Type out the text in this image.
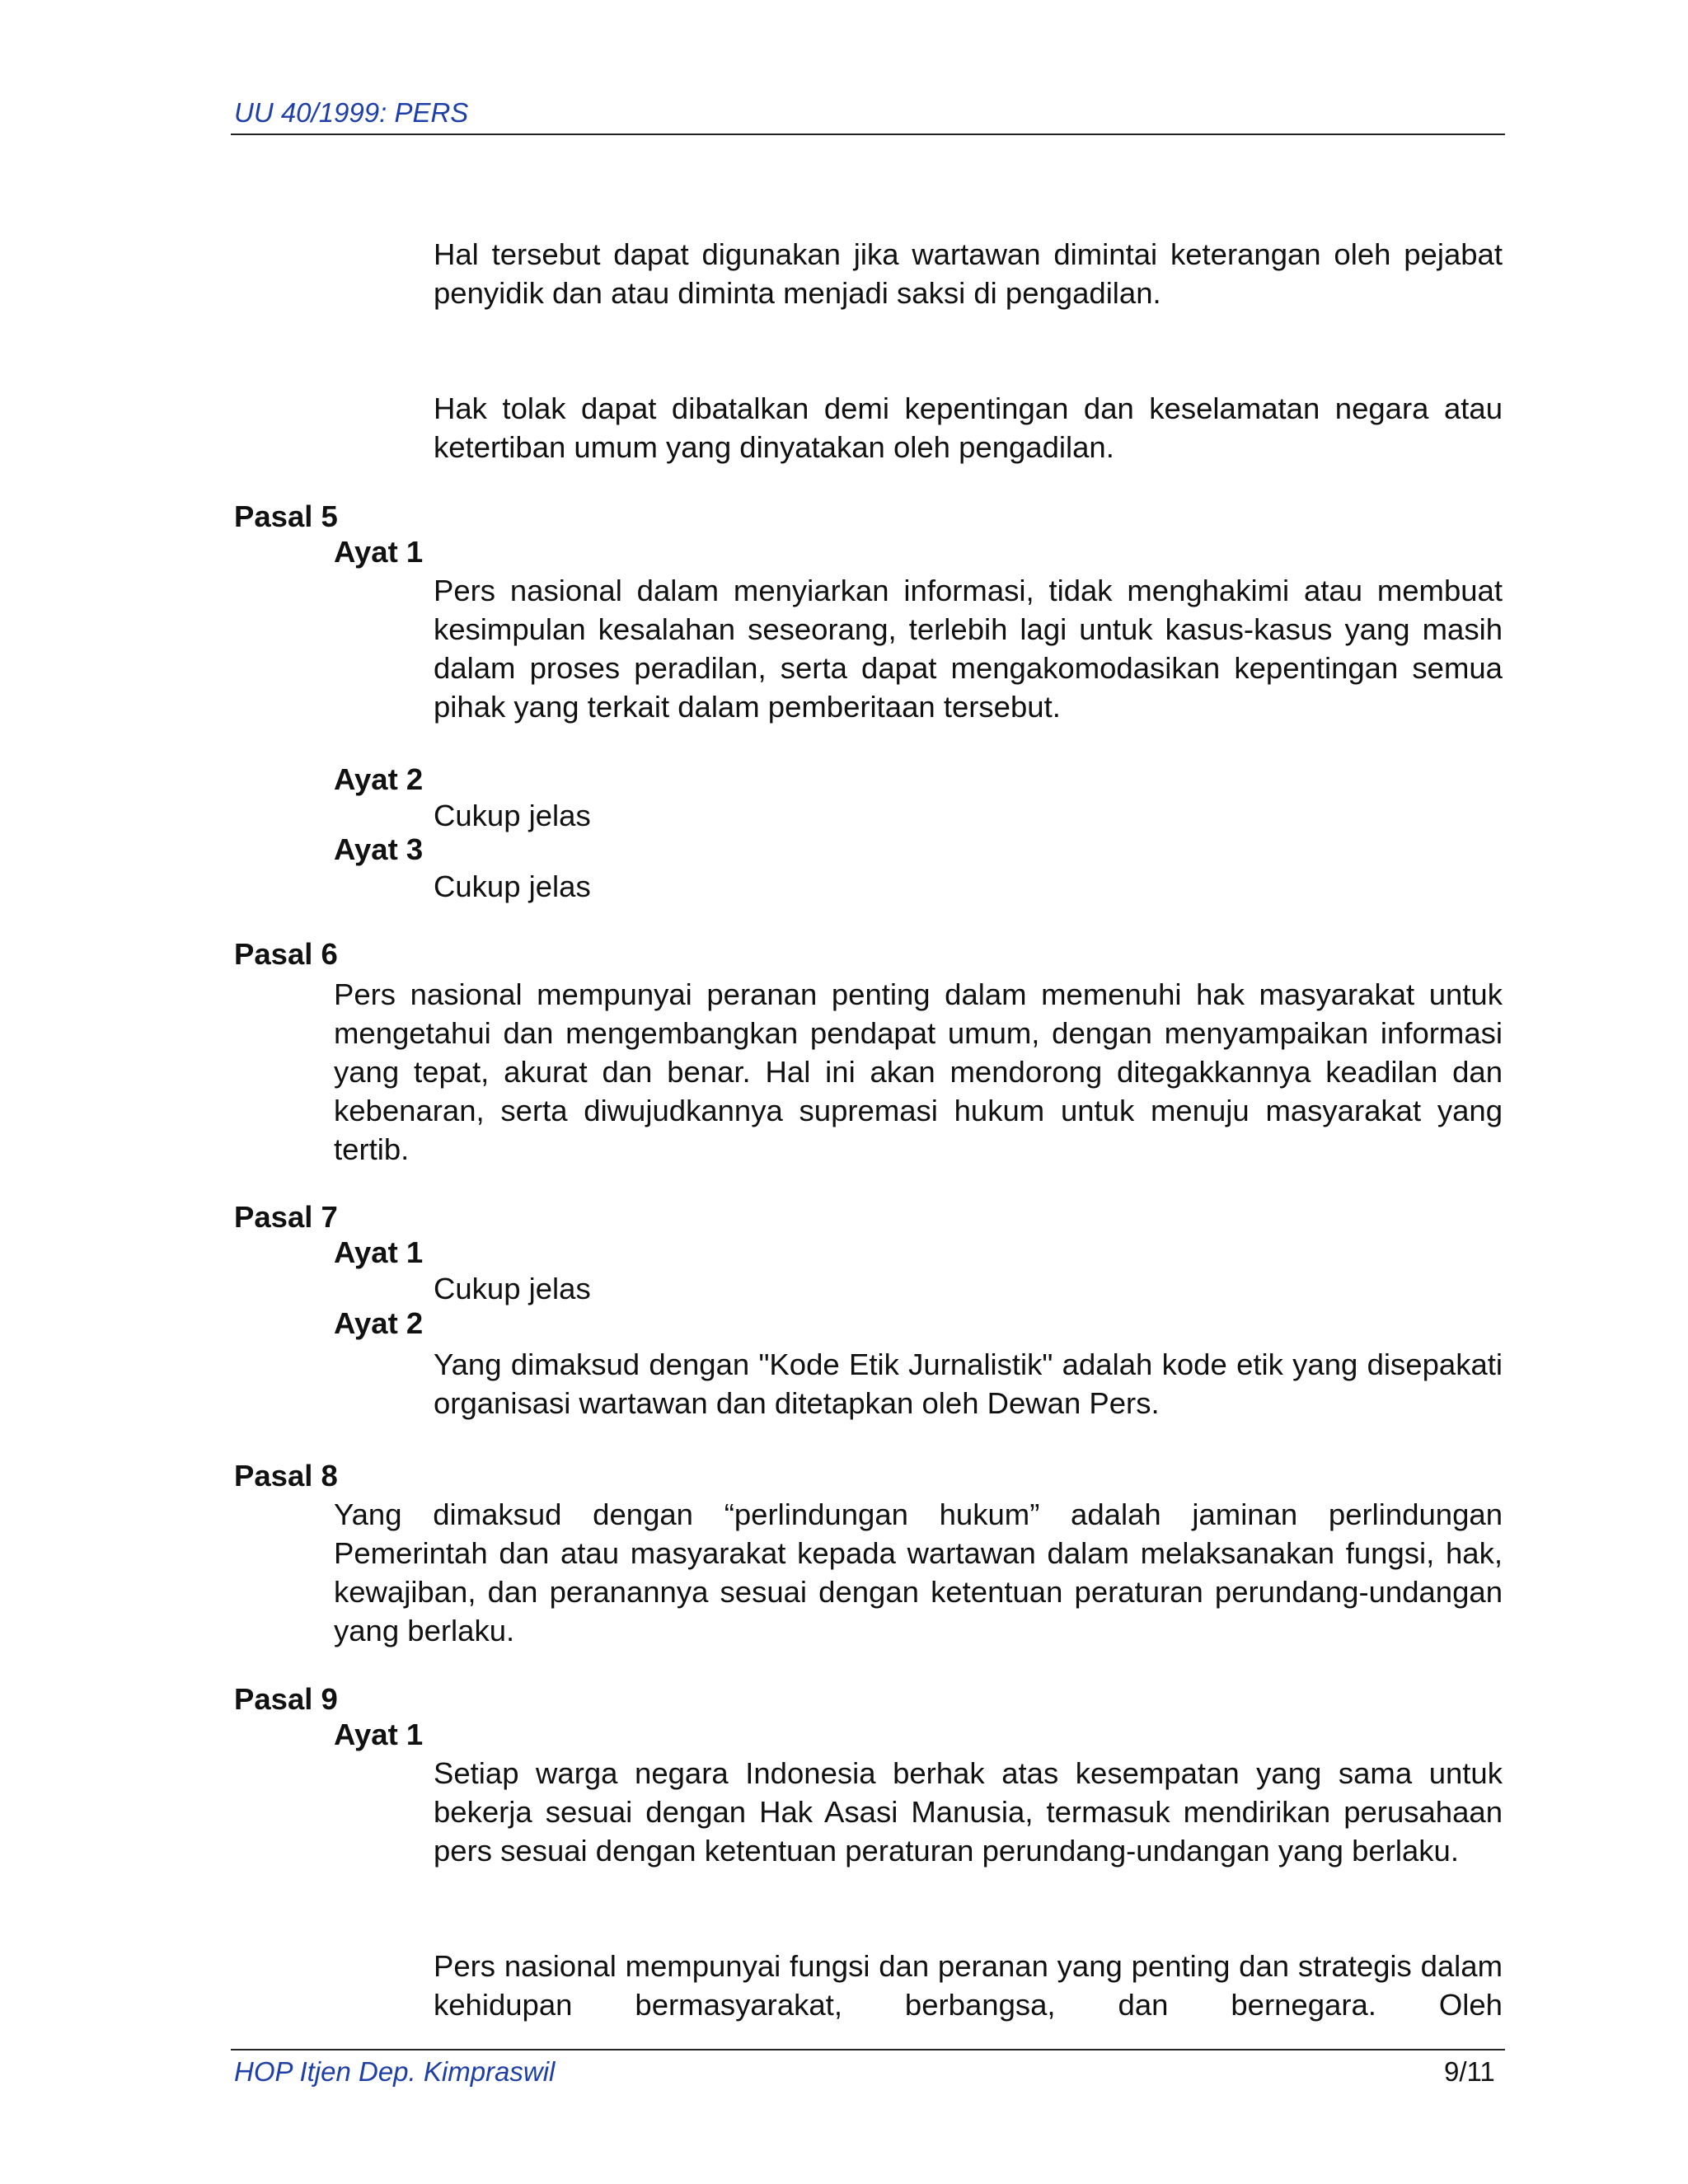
UU 40/1999: PERS
Hal tersebut dapat digunakan jika wartawan dimintai keterangan oleh pejabat penyidik dan atau diminta menjadi saksi di pengadilan.
Hak tolak dapat dibatalkan demi kepentingan dan keselamatan negara atau ketertiban umum yang dinyatakan oleh pengadilan.
Pasal 5
Ayat 1
Pers nasional dalam menyiarkan informasi, tidak menghakimi atau membuat kesimpulan kesalahan seseorang, terlebih lagi untuk kasus-kasus yang masih dalam proses peradilan, serta dapat mengakomodasikan kepentingan semua pihak yang terkait dalam pemberitaan tersebut.
Ayat 2
Cukup jelas
Ayat 3
Cukup jelas
Pasal 6
Pers nasional mempunyai peranan penting dalam memenuhi hak masyarakat untuk mengetahui dan mengembangkan pendapat umum, dengan menyampaikan informasi yang tepat, akurat dan benar. Hal ini akan mendorong ditegakkannya keadilan dan kebenaran, serta diwujudkannya supremasi hukum untuk menuju masyarakat yang tertib.
Pasal 7
Ayat 1
Cukup jelas
Ayat 2
Yang dimaksud dengan "Kode Etik Jurnalistik" adalah kode etik yang disepakati organisasi wartawan dan ditetapkan oleh Dewan Pers.
Pasal 8
Yang dimaksud dengan “perlindungan hukum” adalah jaminan perlindungan Pemerintah dan atau masyarakat kepada wartawan dalam melaksanakan fungsi, hak, kewajiban, dan peranannya sesuai dengan ketentuan peraturan perundang-undangan yang berlaku.
Pasal 9
Ayat 1
Setiap warga negara Indonesia berhak atas kesempatan yang sama untuk bekerja sesuai dengan Hak Asasi Manusia, termasuk mendirikan perusahaan pers sesuai dengan ketentuan peraturan perundang-undangan yang berlaku.
Pers nasional mempunyai fungsi dan peranan yang penting dan strategis dalam kehidupan bermasyarakat, berbangsa, dan bernegara. Oleh
HOP Itjen Dep. Kimpraswil	9/11
